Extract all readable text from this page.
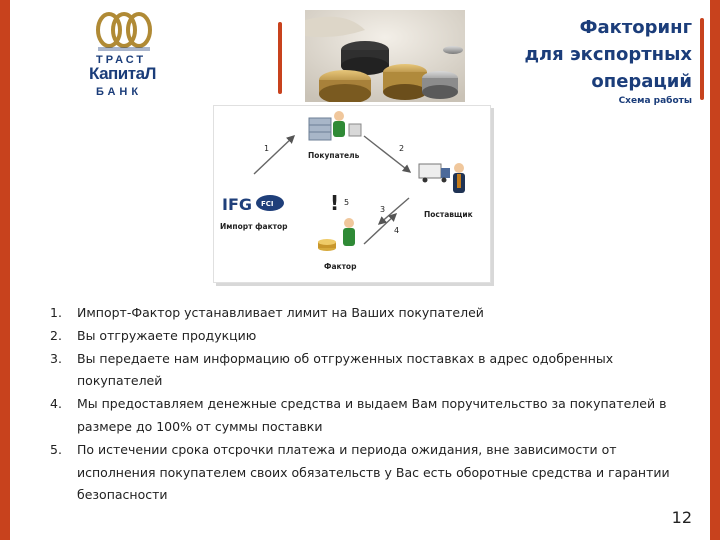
ТРАСТ
КапитаЛ
БАНК
Факторинг
для экспортных
операций
Схема работы
IFG FCI
1	2
3
4
! 5
Покупатель
Поставщик
Импорт фактор
Фактор
1. Импорт-Фактор устанавливает лимит на Ваших покупателей
2. Вы отгружаете продукцию
3. Вы передаете нам информацию об отгруженных поставках в адрес одобренных покупателей
4. Мы предоставляем денежные средства и выдаем Вам поручительство за покупателей в размере до 100% от суммы поставки
5. По истечении срока отсрочки платежа и периода ожидания, вне зависимости от исполнения покупателем своих обязательств у Вас есть оборотные средства и гарантии безопасности
12
